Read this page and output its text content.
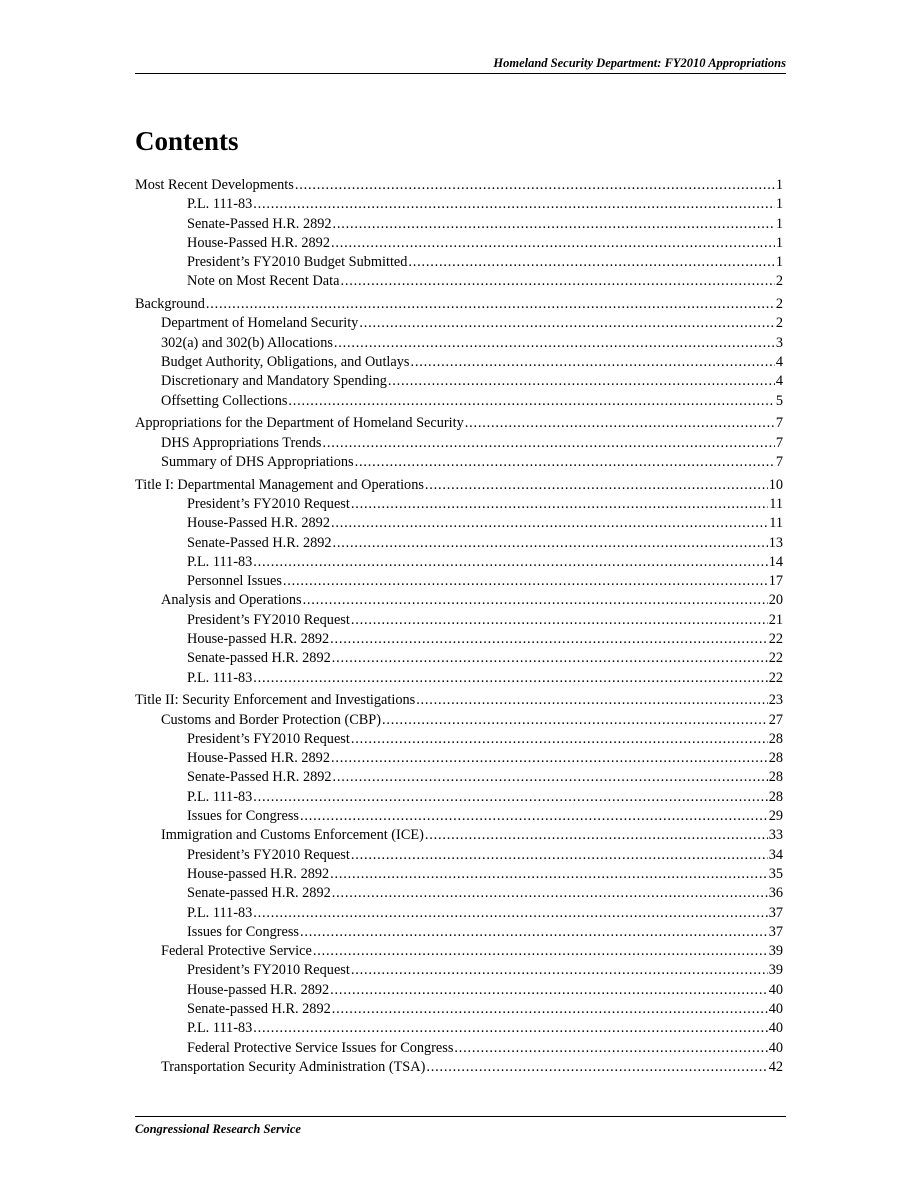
Homeland Security Department: FY2010 Appropriations
Contents
Most Recent Developments .....	1
P.L. 111-83 .....	1
Senate-Passed H.R. 2892 .....	1
House-Passed H.R. 2892 .....	1
President’s FY2010 Budget Submitted .....	1
Note on Most Recent Data .....	2
Background .....	2
Department of Homeland Security .....	2
302(a) and 302(b) Allocations .....	3
Budget Authority, Obligations, and Outlays .....	4
Discretionary and Mandatory Spending .....	4
Offsetting Collections .....	5
Appropriations for the Department of Homeland Security .....	7
DHS Appropriations Trends .....	7
Summary of DHS Appropriations .....	7
Title I: Departmental Management and Operations .....	10
President’s FY2010 Request .....	11
House-Passed H.R. 2892 .....	11
Senate-Passed H.R. 2892 .....	13
P.L. 111-83 .....	14
Personnel Issues .....	17
Analysis and Operations .....	20
President’s FY2010 Request .....	21
House-passed H.R. 2892 .....	22
Senate-passed H.R. 2892 .....	22
P.L. 111-83 .....	22
Title II: Security Enforcement and Investigations .....	23
Customs and Border Protection (CBP) .....	27
President’s FY2010 Request .....	28
House-Passed H.R. 2892 .....	28
Senate-Passed H.R. 2892 .....	28
P.L. 111-83 .....	28
Issues for Congress .....	29
Immigration and Customs Enforcement (ICE) .....	33
President’s FY2010 Request .....	34
House-passed H.R. 2892 .....	35
Senate-passed H.R. 2892 .....	36
P.L. 111-83 .....	37
Issues for Congress .....	37
Federal Protective Service .....	39
President’s FY2010 Request .....	39
House-passed H.R. 2892 .....	40
Senate-passed H.R. 2892 .....	40
P.L. 111-83 .....	40
Federal Protective Service Issues for Congress .....	40
Transportation Security Administration (TSA) .....	42
Congressional Research Service
